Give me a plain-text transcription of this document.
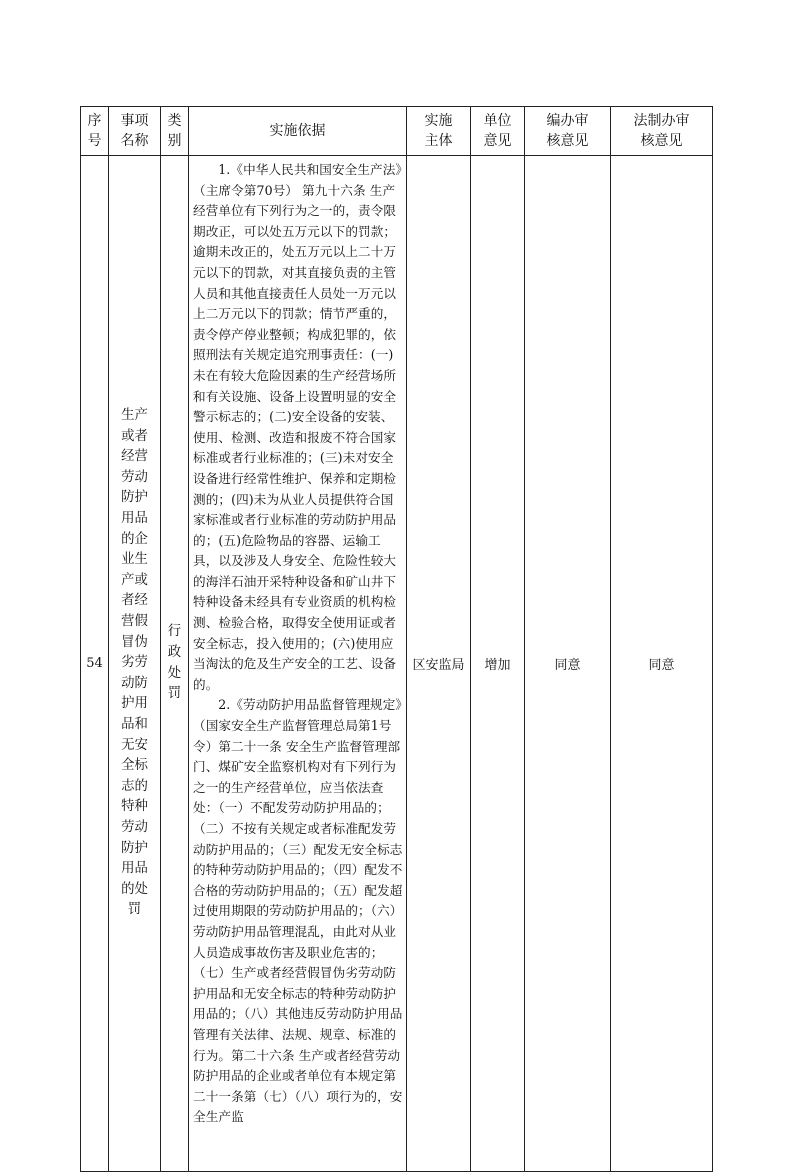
序号	事项名称	类别	实施依据	实施主体	单位意见	编办审核意见	法制办审核意见

54	生产或者经营劳动防护用品的企业生产或者经营假冒伪劣劳动防护用品和无安全标志的特种劳动防护用品的处罚	行政处罚	1.《中华人民共和国安全生产法》（主席令第70号） 第九十六条 生产经营单位有下列行为之一的，责令限期改正，可以处五万元以下的罚款；逾期未改正的，处五万元以上二十万元以下的罚款，对其直接负责的主管人员和其他直接责任人员处一万元以上二万元以下的罚款；情节严重的，责令停产停业整顿；构成犯罪的，依照刑法有关规定追究刑事责任：(一)未在有较大危险因素的生产经营场所和有关设施、设备上设置明显的安全警示标志的；(二)安全设备的安装、使用、检测、改造和报废不符合国家标准或者行业标准的；(三)未对安全设备进行经常性维护、保养和定期检测的；(四)未为从业人员提供符合国家标准或者行业标准的劳动防护用品的；(五)危险物品的容器、运输工具，以及涉及人身安全、危险性较大的海洋石油开采特种设备和矿山井下特种设备未经具有专业资质的机构检测、检验合格，取得安全使用证或者安全标志，投入使用的；(六)使用应当淘汰的危及生产安全的工艺、设备的。

2.《劳动防护用品监督管理规定》（国家安全生产监督管理总局第1号令）第二十一条 安全生产监督管理部门、煤矿安全监察机构对有下列行为之一的生产经营单位，应当依法查处：（一）不配发劳动防护用品的；（二）不按有关规定或者标准配发劳动防护用品的；（三）配发无安全标志的特种劳动防护用品的；（四）配发不合格的劳动防护用品的；（五）配发超过使用期限的劳动防护用品的；（六）劳动防护用品管理混乱，由此对从业人员造成事故伤害及职业危害的；（七）生产或者经营假冒伪劣劳动防护用品和无安全标志的特种劳动防护用品的；（八）其他违反劳动防护用品管理有关法律、法规、规章、标准的行为。第二十六条 生产或者经营劳动防护用品的企业或者单位有本规定第二十一条第（七）（八）项行为的，安全生产监	区安监局	增加	同意	同意
